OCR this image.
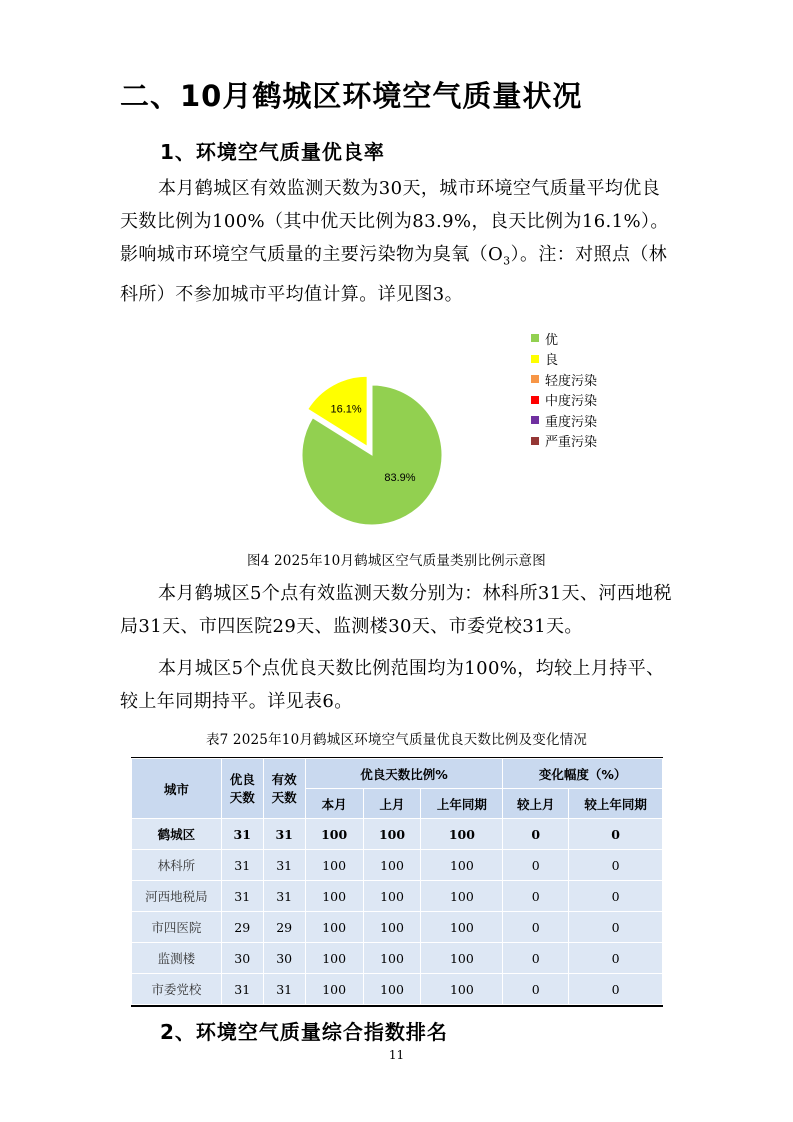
二、10月鹤城区环境空气质量状况
1、环境空气质量优良率
本月鹤城区有效监测天数为30天，城市环境空气质量平均优良天数比例为100%（其中优天比例为83.9%，良天比例为16.1%）。影响城市环境空气质量的主要污染物为臭氧$(O_3)$。注：对照点（林科所）不参加城市平均值计算。详见图3。
83.9%
16.1%
优
良
轻度污染
中度污染
重度污染
严重污染
图4 2025年10月鹤城区空气质量类别比例示意图
本月鹤城区5个点有效监测天数分别为：林科所31天、河西地税局31天、市四医院29天、监测楼30天、市委党校31天。
本月城区5个点优良天数比例范围均为100%，均较上月持平、较上年同期持平。详见表6。
表7 2025年10月鹤城区环境空气质量优良天数比例及变化情况
城市	优良天数	有效天数	优良天数比例%			变化幅度（%）	
			本月	上月	上年同期	较上月	较上年同期
鹤城区	31	31	100	100	100	0	0
林科所	31	31	100	100	100	0	0
河西地税局	31	31	100	100	100	0	0
市四医院	29	29	100	100	100	0	0
监测楼	30	30	100	100	100	0	0
市委党校	31	31	100	100	100	0	0
2、环境空气质量综合指数排名
11
